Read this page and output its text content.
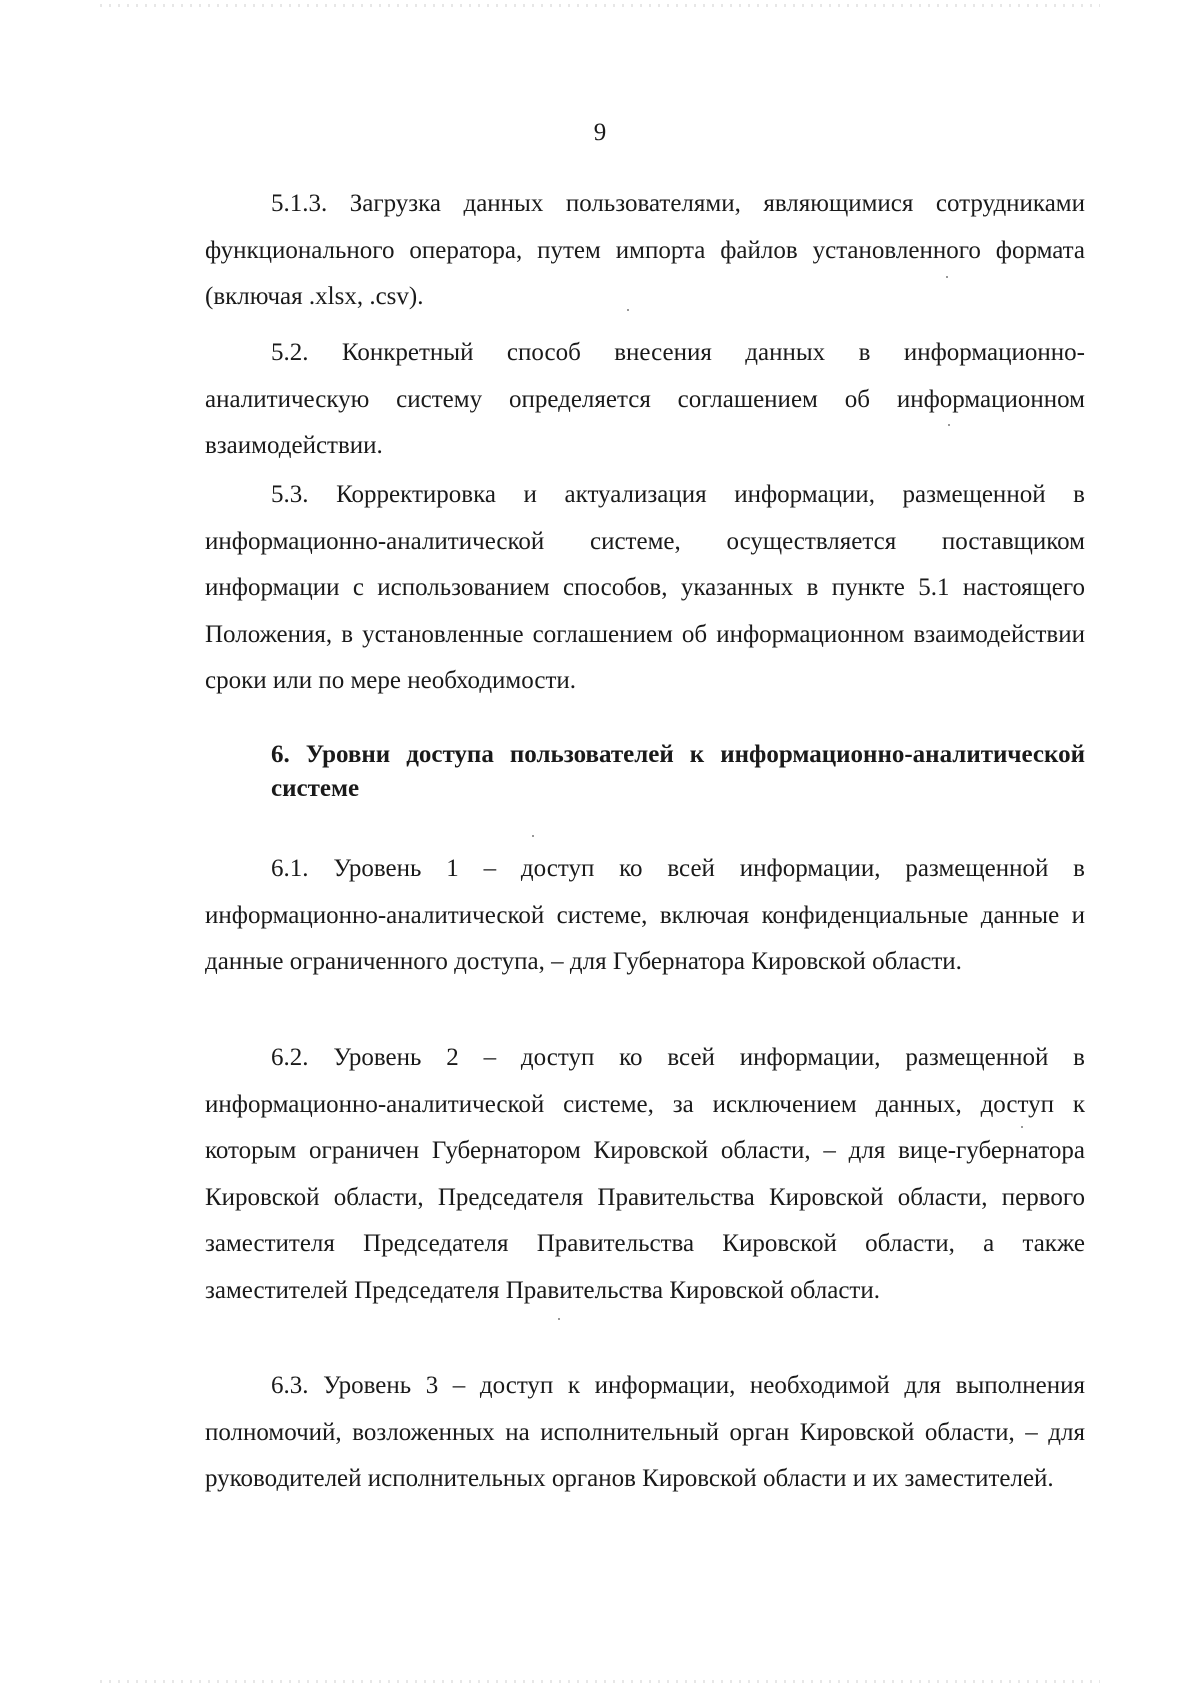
9

5.1.3. Загрузка данных пользователями, являющимися сотрудниками функционального оператора, путем импорта файлов установленного формата (включая .xlsx, .csv).

5.2. Конкретный способ внесения данных в информационно-аналитическую систему определяется соглашением об информационном взаимодействии.

5.3. Корректировка и актуализация информации, размещенной в информационно-аналитической системе, осуществляется поставщиком информации с использованием способов, указанных в пункте 5.1 настоящего Положения, в установленные соглашением об информационном взаимодействии сроки или по мере необходимости.

6. Уровни доступа пользователей к информационно-аналитической системе

6.1. Уровень 1 – доступ ко всей информации, размещенной в информационно-аналитической системе, включая конфиденциальные данные и данные ограниченного доступа, – для Губернатора Кировской области.

6.2. Уровень 2 – доступ ко всей информации, размещенной в информационно-аналитической системе, за исключением данных, доступ к которым ограничен Губернатором Кировской области, – для вице-губернатора Кировской области, Председателя Правительства Кировской области, первого заместителя Председателя Правительства Кировской области, а также заместителей Председателя Правительства Кировской области.

6.3. Уровень 3 – доступ к информации, необходимой для выполнения полномочий, возложенных на исполнительный орган Кировской области, – для руководителей исполнительных органов Кировской области и их заместителей.
